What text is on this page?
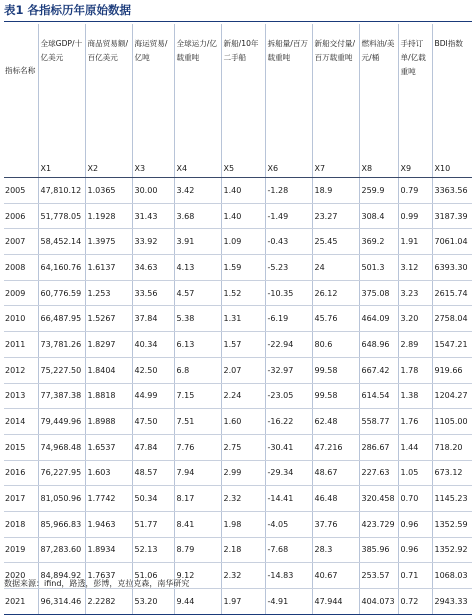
表1 各指标历年原始数据
指标名称	全球GDP/十亿美元	商品贸易额/百亿美元	海运贸易/亿吨	全球运力/亿载重吨	新船/10年二手船	拆船量/百万载重吨	新船交付量/百万载重吨	燃料油/美元/桶	手持订单/亿载重吨	BDI指数
	X1	X2	X3	X4	X5	X6	X7	X8	X9	X10
2005	47,810.12	1.0365	30.00	3.42	1.40	-1.28	18.9	259.9	0.79	3363.56
2006	51,778.05	1.1928	31.43	3.68	1.40	-1.49	23.27	308.4	0.99	3187.39
2007	58,452.14	1.3975	33.92	3.91	1.09	-0.43	25.45	369.2	1.91	7061.04
2008	64,160.76	1.6137	34.63	4.13	1.59	-5.23	24	501.3	3.12	6393.30
2009	60,776.59	1.253	33.56	4.57	1.52	-10.35	26.12	375.08	3.23	2615.74
2010	66,487.95	1.5267	37.84	5.38	1.31	-6.19	45.76	464.09	3.20	2758.04
2011	73,781.26	1.8297	40.34	6.13	1.57	-22.94	80.6	648.96	2.89	1547.21
2012	75,227.50	1.8404	42.50	6.8	2.07	-32.97	99.58	667.42	1.78	919.66
2013	77,387.38	1.8818	44.99	7.15	2.24	-23.05	99.58	614.54	1.38	1204.27
2014	79,449.96	1.8988	47.50	7.51	1.60	-16.22	62.48	558.77	1.76	1105.00
2015	74,968.48	1.6537	47.84	7.76	2.75	-30.41	47.216	286.67	1.44	718.20
2016	76,227.95	1.603	48.57	7.94	2.99	-29.34	48.67	227.63	1.05	673.12
2017	81,050.96	1.7742	50.34	8.17	2.32	-14.41	46.48	320.458	0.70	1145.23
2018	85,966.83	1.9463	51.77	8.41	1.98	-4.05	37.76	423.729	0.96	1352.59
2019	87,283.60	1.8934	52.13	8.79	2.18	-7.68	28.3	385.96	0.96	1352.92
2020	84,894.92	1.7637	51.06	9.12	2.32	-14.83	40.67	253.57	0.71	1068.03
2021	96,314.46	2.2282	53.20	9.44	1.97	-4.91	47.944	404.073	0.72	2943.33
数据来源：ifind，路透，彭博，克拉克森，南华研究
